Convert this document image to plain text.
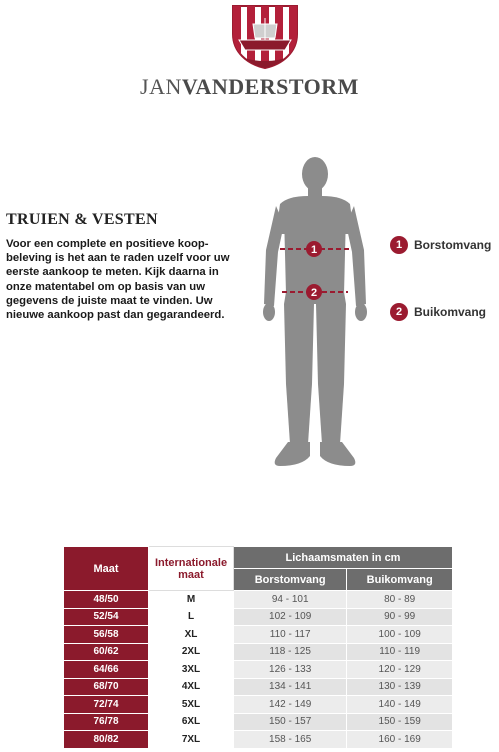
JANVANDERSTORM
TRUIEN & VESTEN

Voor een complete en positieve koop-beleving is het aan te raden uzelf voor uw eerste aankoop te meten. Kijk daarna in onze matentabel om op basis van uw gegevens de juiste maat te vinden. Uw nieuwe aankoop past dan gegarandeerd.

1
2
1 Borstomvang
2 Buikomvang
Maat	Internationale maat	Lichaamsmaten in cm	
		Borstomvang	Buikomvang
48/50	M	94 - 101	80 - 89
52/54	L	102 - 109	90 - 99
56/58	XL	110 - 117	100 - 109
60/62	2XL	118 - 125	110 - 119
64/66	3XL	126 - 133	120 - 129
68/70	4XL	134 - 141	130 - 139
72/74	5XL	142 - 149	140 - 149
76/78	6XL	150 - 157	150 - 159
80/82	7XL	158 - 165	160 - 169
